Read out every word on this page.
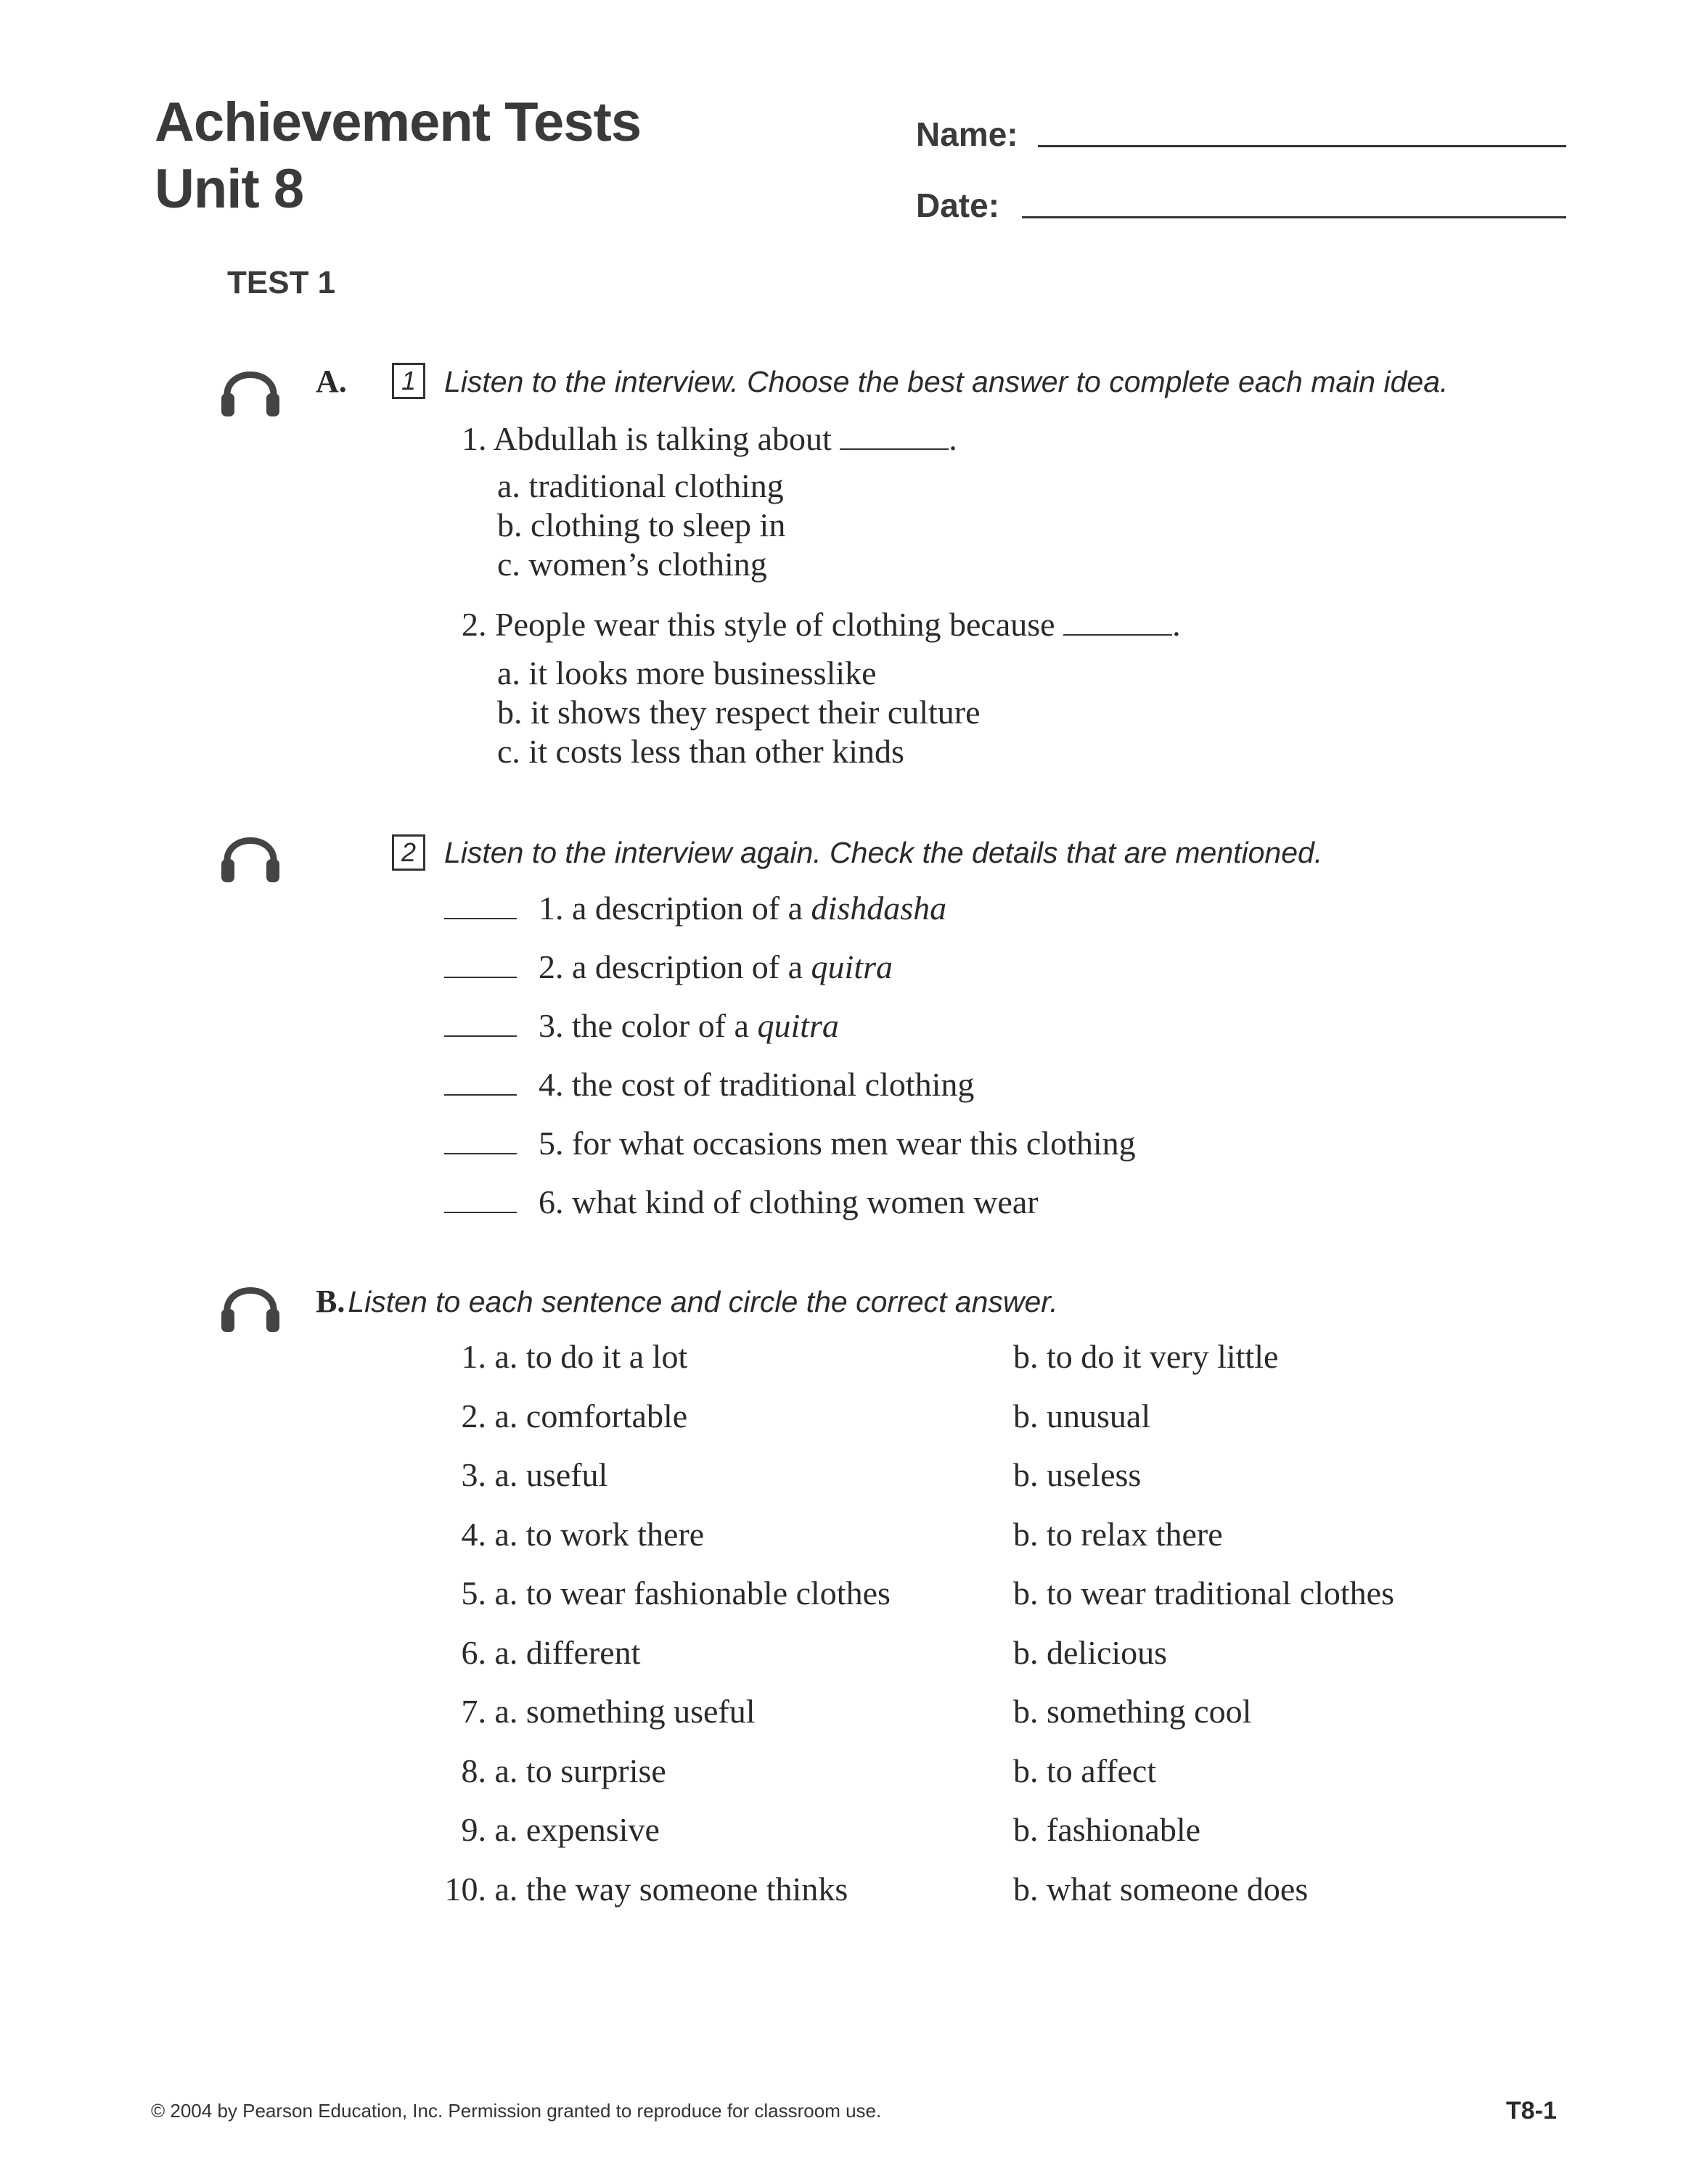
Achievement Tests
Unit 8
Name:
Date:
TEST 1
A.	1 Listen to the interview. Choose the best answer to complete each main idea.
1. Abdullah is talking about	.
a. traditional clothing
b. clothing to sleep in
c. women’s clothing
2. People wear this style of clothing because	.
a. it looks more businesslike
b. it shows they respect their culture
c. it costs less than other kinds
2 Listen to the interview again. Check the details that are mentioned.
1. a description of a dishdasha
2. a description of a quitra
3. the color of a quitra
4. the cost of traditional clothing
5. for what occasions men wear this clothing
6. what kind of clothing women wear
B. Listen to each sentence and circle the correct answer.
1. a. to do it a lot	b. to do it very little
2. a. comfortable	b. unusual
3. a. useful	b. useless
4. a. to work there	b. to relax there
5. a. to wear fashionable clothes	b. to wear traditional clothes
6. a. different	b. delicious
7. a. something useful	b. something cool
8. a. to surprise	b. to affect
9. a. expensive	b. fashionable
10. a. the way someone thinks	b. what someone does
© 2004 by Pearson Education, Inc. Permission granted to reproduce for classroom use.	T8-1
